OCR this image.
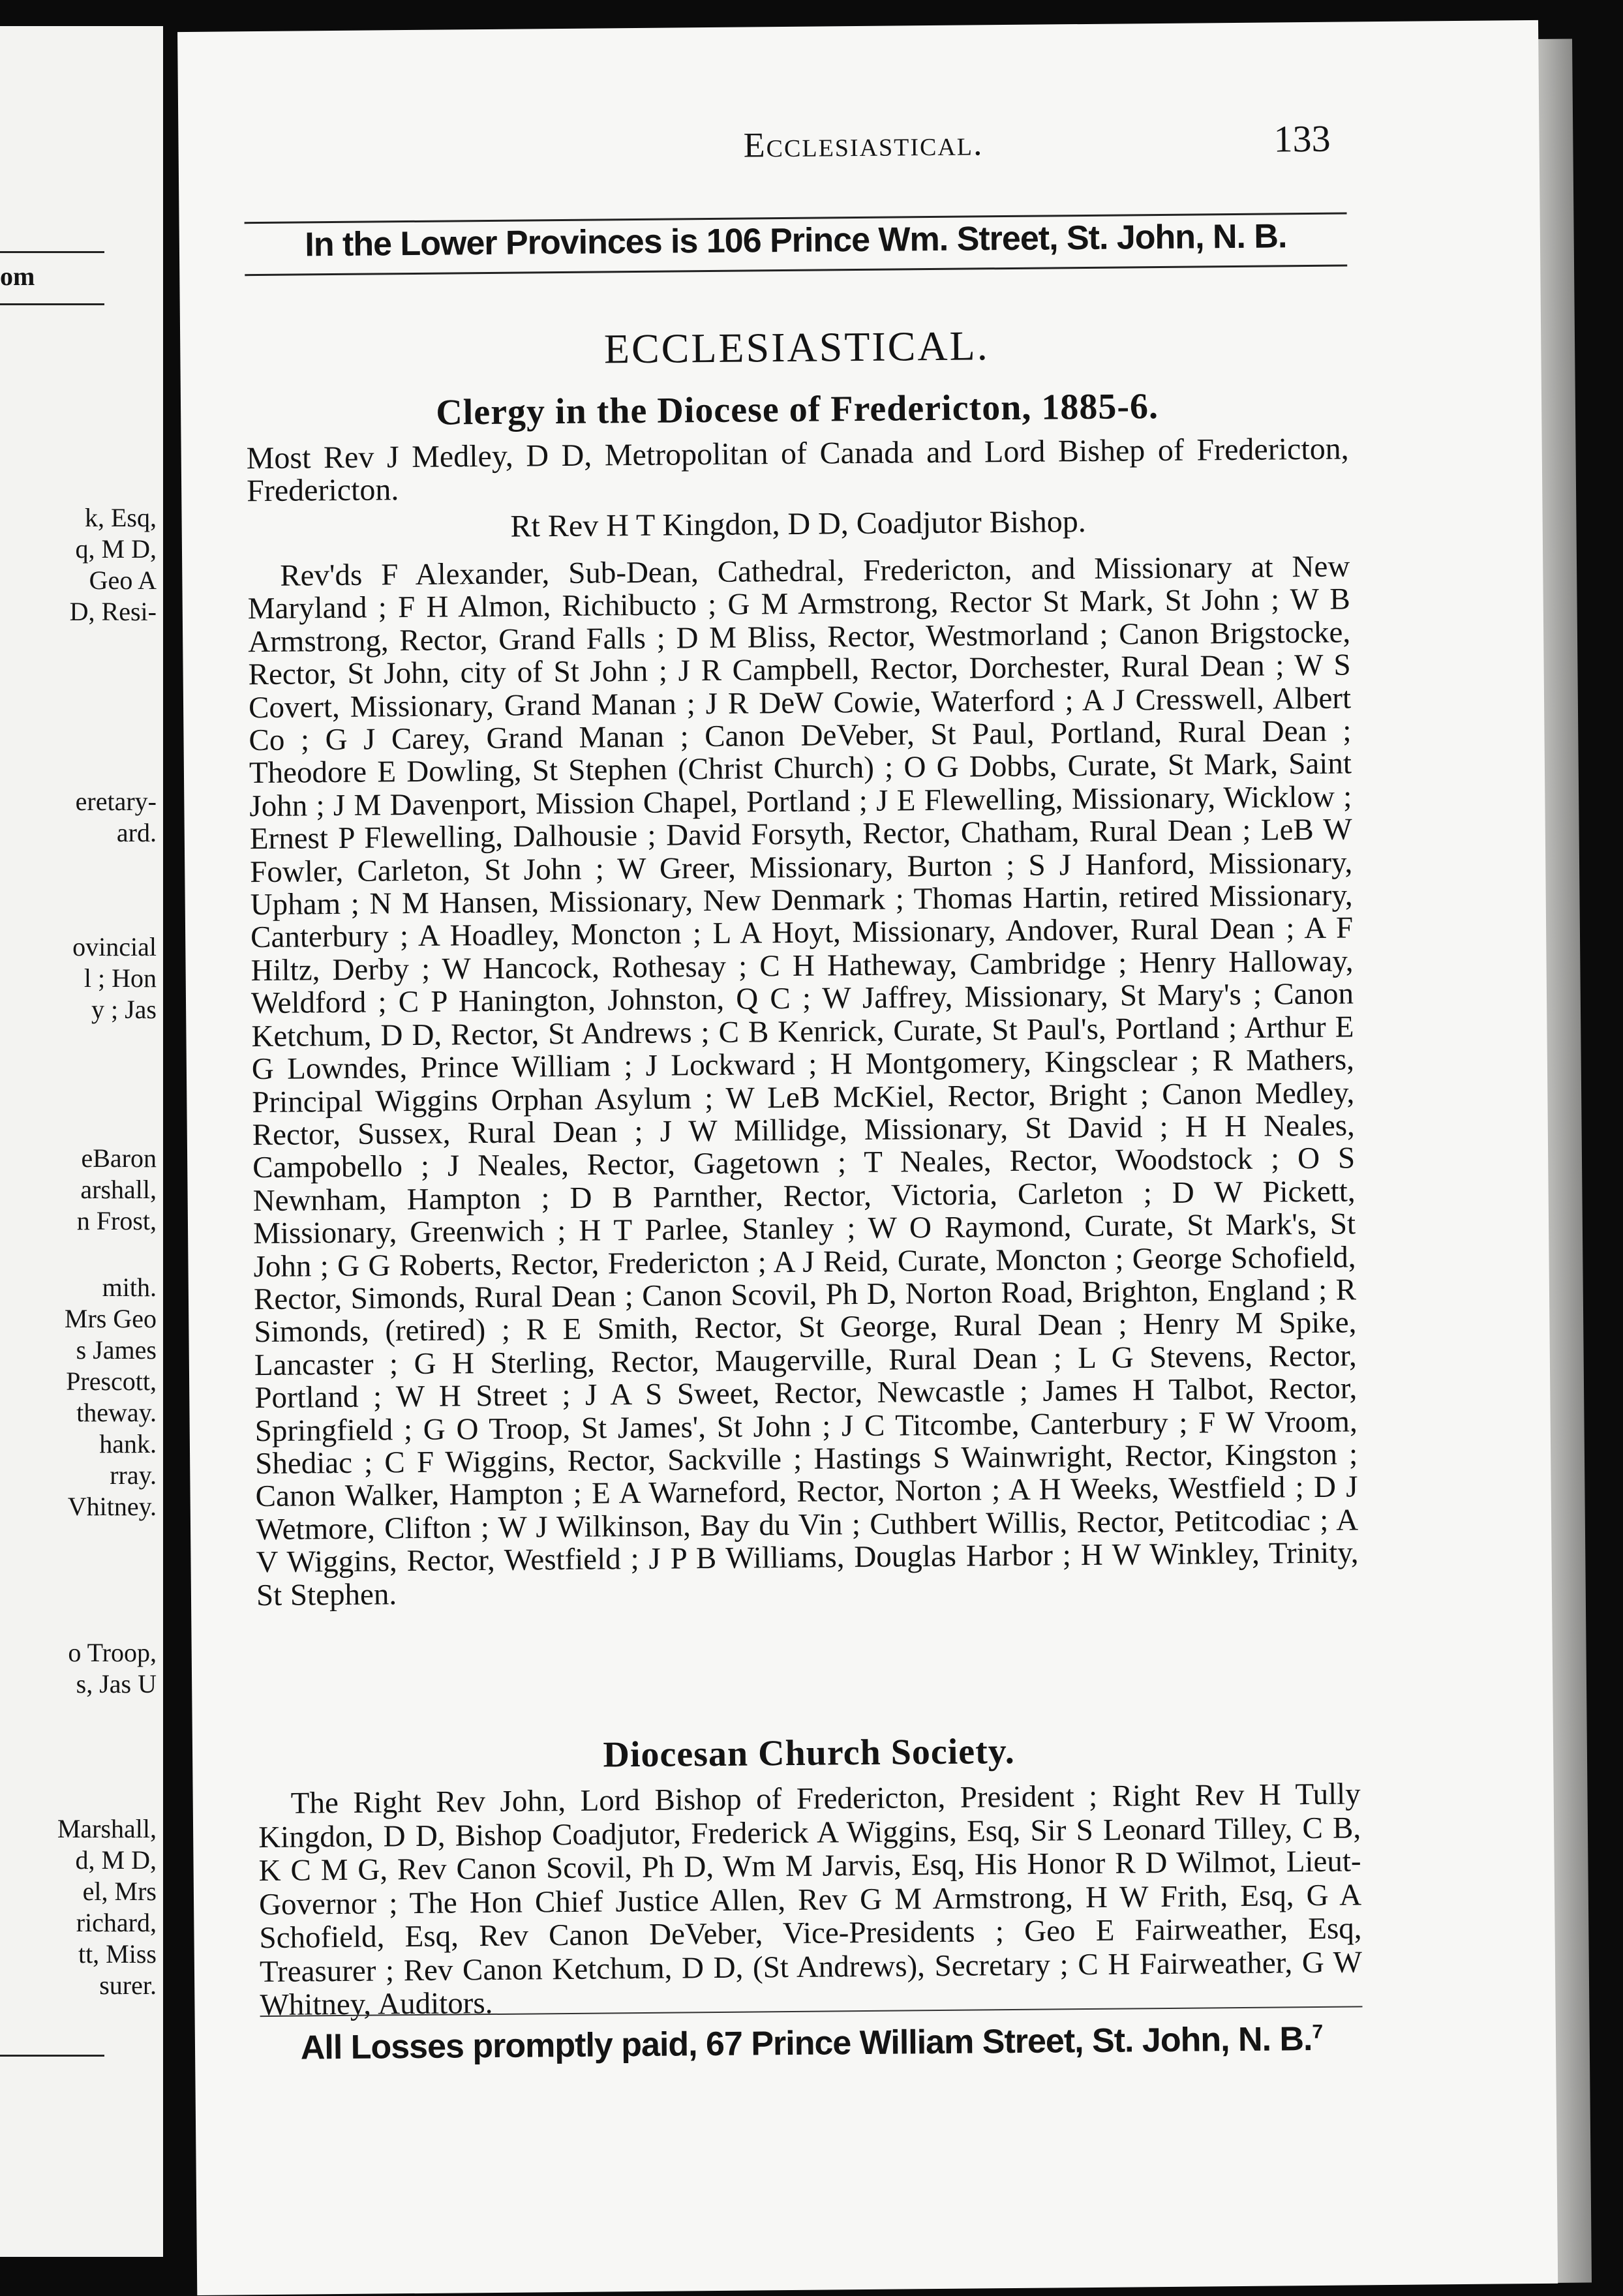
om
k, Esq,
q, M D,
Geo A
D, Resi-
eretary-
ard.
ovincial
l ; Hon
y ; Jas
eBaron
arshall,
n Frost,
mith.
Mrs Geo
s James
Prescott,
theway.
hank.
rray.
Vhitney.
o Troop,
s, Jas U
Marshall,
d, M D,
el, Mrs
richard,
tt, Miss
surer.
Ecclesiastical.	133
In the Lower Provinces is 106 Prince Wm. Street, St. John, N. B.
ECCLESIASTICAL.
Clergy in the Diocese of Fredericton, 1885-6.
Most Rev J Medley, D D, Metropolitan of Canada and Lord Bishep of Fredericton, Fredericton.
Rt Rev H T Kingdon, D D, Coadjutor Bishop.
Rev'ds F Alexander, Sub-Dean, Cathedral, Fredericton, and Missionary at New Maryland ; F H Almon, Richibucto ; G M Armstrong, Rector St Mark, St John ; W B Armstrong, Rector, Grand Falls ; D M Bliss, Rector, Westmorland ; Canon Brigstocke, Rector, St John, city of St John ; J R Campbell, Rector, Dorchester, Rural Dean ; W S Covert, Missionary, Grand Manan ; J R DeW Cowie, Waterford ; A J Cresswell, Albert Co ; G J Carey, Grand Manan ; Canon DeVeber, St Paul, Portland, Rural Dean ; Theodore E Dowling, St Stephen (Christ Church) ; O G Dobbs, Curate, St Mark, Saint John ; J M Davenport, Mission Chapel, Portland ; J E Flewelling, Missionary, Wicklow ; Ernest P Flewelling, Dalhousie ; David Forsyth, Rector, Chatham, Rural Dean ; LeB W Fowler, Carleton, St John ; W Greer, Missionary, Burton ; S J Hanford, Missionary, Upham ; N M Hansen, Missionary, New Denmark ; Thomas Hartin, retired Missionary, Canterbury ; A Hoadley, Moncton ; L A Hoyt, Missionary, Andover, Rural Dean ; A F Hiltz, Derby ; W Hancock, Rothesay ; C H Hatheway, Cambridge ; Henry Halloway, Weldford ; C P Hanington, Johnston, Q C ; W Jaffrey, Missionary, St Mary's ; Canon Ketchum, D D, Rector, St Andrews ; C B Kenrick, Curate, St Paul's, Portland ; Arthur E G Lowndes, Prince William ; J Lockward ; H Montgomery, Kingsclear ; R Mathers, Principal Wiggins Orphan Asylum ; W LeB McKiel, Rector, Bright ; Canon Medley, Rector, Sussex, Rural Dean ; J W Millidge, Missionary, St David ; H H Neales, Campobello ; J Neales, Rector, Gagetown ; T Neales, Rector, Woodstock ; O S Newnham, Hampton ; D B Parnther, Rector, Victoria, Carleton ; D W Pickett, Missionary, Greenwich ; H T Parlee, Stanley ; W O Raymond, Curate, St Mark's, St John ; G G Roberts, Rector, Fredericton ; A J Reid, Curate, Moncton ; George Schofield, Rector, Simonds, Rural Dean ; Canon Scovil, Ph D, Norton Road, Brighton, England ; R Simonds, (retired) ; R E Smith, Rector, St George, Rural Dean ; Henry M Spike, Lancaster ; G H Sterling, Rector, Maugerville, Rural Dean ; L G Stevens, Rector, Portland ; W H Street ; J A S Sweet, Rector, Newcastle ; James H Talbot, Rector, Springfield ; G O Troop, St James', St John ; J C Titcombe, Canterbury ; F W Vroom, Shediac ; C F Wiggins, Rector, Sackville ; Hastings S Wainwright, Rector, Kingston ; Canon Walker, Hampton ; E A Warneford, Rector, Norton ; A H Weeks, Westfield ; D J Wetmore, Clifton ; W J Wilkinson, Bay du Vin ; Cuthbert Willis, Rector, Petitcodiac ; A V Wiggins, Rector, Westfield ; J P B Williams, Douglas Harbor ; H W Winkley, Trinity, St Stephen.
Diocesan Church Society.
The Right Rev John, Lord Bishop of Fredericton, President ; Right Rev H Tully Kingdon, D D, Bishop Coadjutor, Frederick A Wiggins, Esq, Sir S Leonard Tilley, C B, K C M G, Rev Canon Scovil, Ph D, Wm M Jarvis, Esq, His Honor R D Wilmot, Lieut-Governor ; The Hon Chief Justice Allen, Rev G M Armstrong, H W Frith, Esq, G A Schofield, Esq, Rev Canon DeVeber, Vice-Presidents ; Geo E Fairweather, Esq, Treasurer ; Rev Canon Ketchum, D D, (St Andrews), Secretary ; C H Fairweather, G W Whitney, Auditors.
All Losses promptly paid, 67 Prince William Street, St. John, N. B.$^7$
